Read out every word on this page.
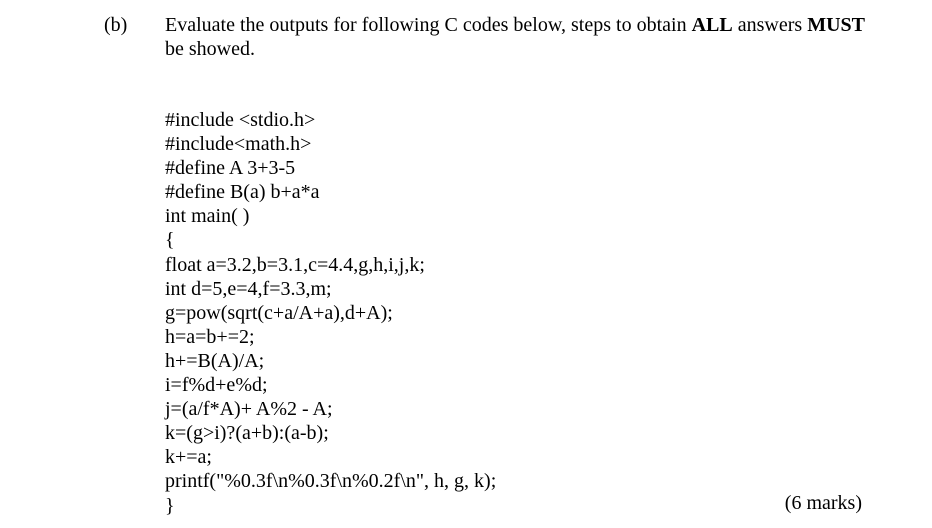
(b) Evaluate the outputs for following C codes below, steps to obtain ALL answers MUST be showed.
#include <stdio.h>
#include<math.h>
#define A 3+3-5
#define B(a) b+a*a
int main( )
{
float a=3.2,b=3.1,c=4.4,g,h,i,j,k;
int d=5,e=4,f=3.3,m;
g=pow(sqrt(c+a/A+a),d+A);
h=a=b+=2;
h+=B(A)/A;
i=f%d+e%d;
j=(a/f*A)+ A%2 - A;
k=(g>i)?(a+b):(a-b);
k+=a;
printf("%0.3f\n%0.3f\n%0.2f\n", h, g, k);
}	(6 marks)
